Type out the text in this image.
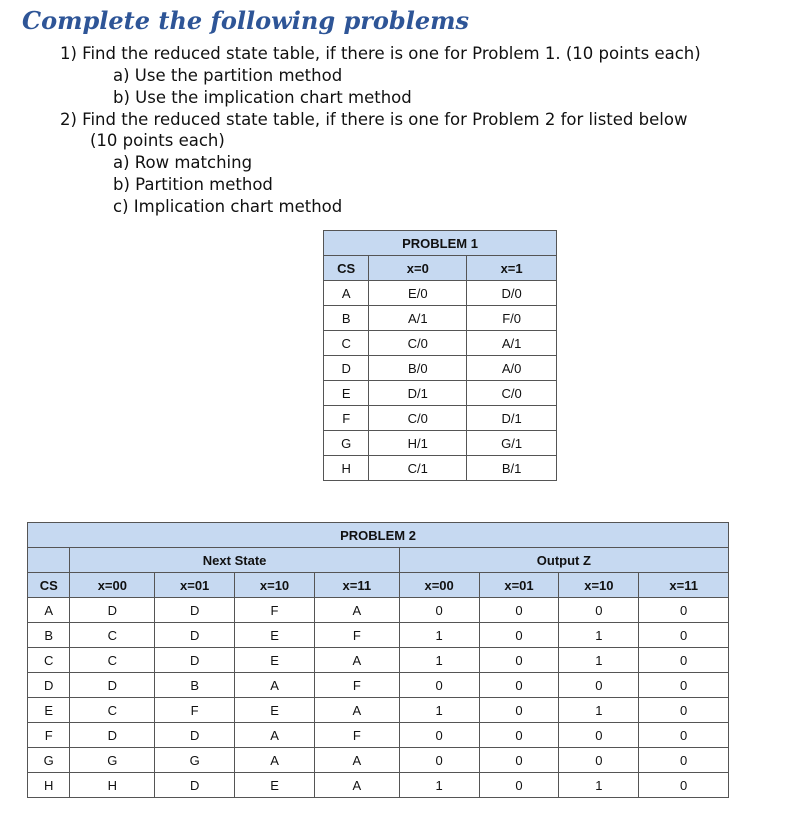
Complete the following problems
1) Find the reduced state table, if there is one for Problem 1. (10 points each)
a) Use the partition method
b) Use the implication chart method
2) Find the reduced state table, if there is one for Problem 2 for listed below
(10 points each)
a) Row matching
b) Partition method
c) Implication chart method
PROBLEM 1		
CS	x=0	x=1
A	E/0	D/0
B	A/1	F/0
C	C/0	A/1
D	B/0	A/0
E	D/1	C/0
F	C/0	D/1
G	H/1	G/1
H	C/1	B/1
PROBLEM 2								
	Next State				Output Z			
CS	x=00	x=01	x=10	x=11	x=00	x=01	x=10	x=11
A	D	D	F	A	0	0	0	0
B	C	D	E	F	1	0	1	0
C	C	D	E	A	1	0	1	0
D	D	B	A	F	0	0	0	0
E	C	F	E	A	1	0	1	0
F	D	D	A	F	0	0	0	0
G	G	G	A	A	0	0	0	0
H	H	D	E	A	1	0	1	0
